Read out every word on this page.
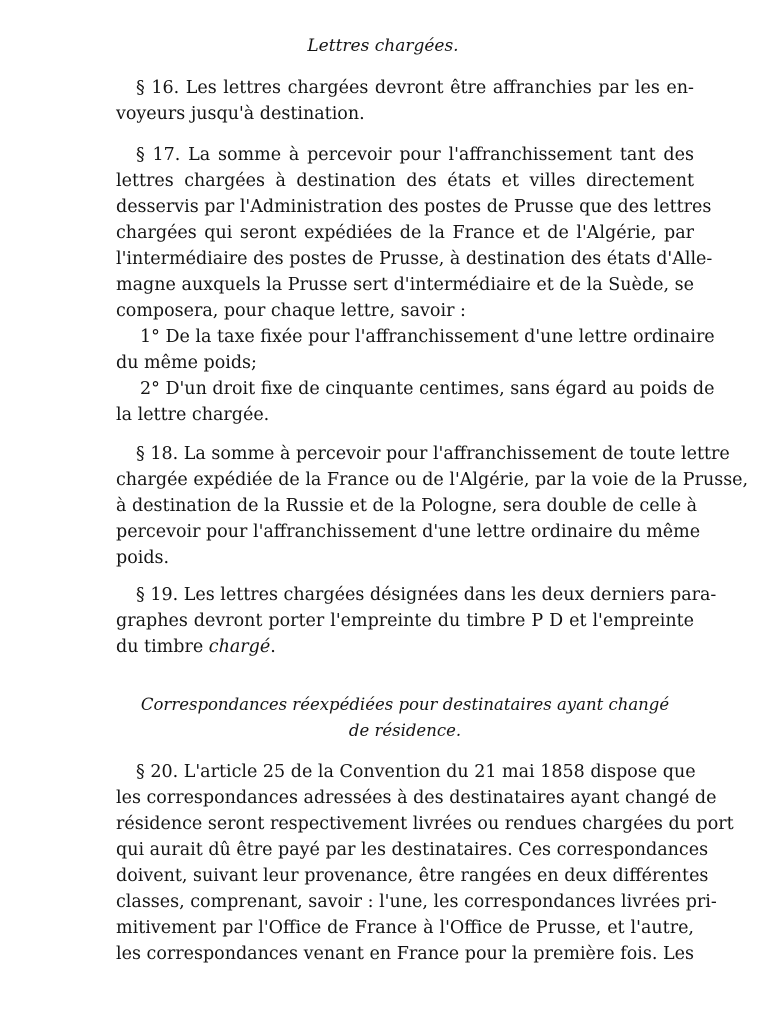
Lettres chargées.
§ 16. Les lettres chargées devront être affranchies par les en-
voyeurs jusqu'à destination.
§ 17. La somme à percevoir pour l'affranchissement tant des
lettres chargées à destination des états et villes directement
desservis par l'Administration des postes de Prusse que des lettres
chargées qui seront expédiées de la France et de l'Algérie, par
l'intermédiaire des postes de Prusse, à destination des états d'Alle-
magne auxquels la Prusse sert d'intermédiaire et de la Suède, se
composera, pour chaque lettre, savoir :
1° De la taxe fixée pour l'affranchissement d'une lettre ordinaire
du même poids;
2° D'un droit fixe de cinquante centimes, sans égard au poids de
la lettre chargée.
§ 18. La somme à percevoir pour l'affranchissement de toute lettre
chargée expédiée de la France ou de l'Algérie, par la voie de la Prusse,
à destination de la Russie et de la Pologne, sera double de celle à
percevoir pour l'affranchissement d'une lettre ordinaire du même
poids.
§ 19. Les lettres chargées désignées dans les deux derniers para-
graphes devront porter l'empreinte du timbre P D et l'empreinte
du timbre chargé.
Correspondances réexpédiées pour destinataires ayant changé
de résidence.
§ 20. L'article 25 de la Convention du 21 mai 1858 dispose que
les correspondances adressées à des destinataires ayant changé de
résidence seront respectivement livrées ou rendues chargées du port
qui aurait dû être payé par les destinataires. Ces correspondances
doivent, suivant leur provenance, être rangées en deux différentes
classes, comprenant, savoir : l'une, les correspondances livrées pri-
mitivement par l'Office de France à l'Office de Prusse, et l'autre,
les correspondances venant en France pour la première fois. Les
